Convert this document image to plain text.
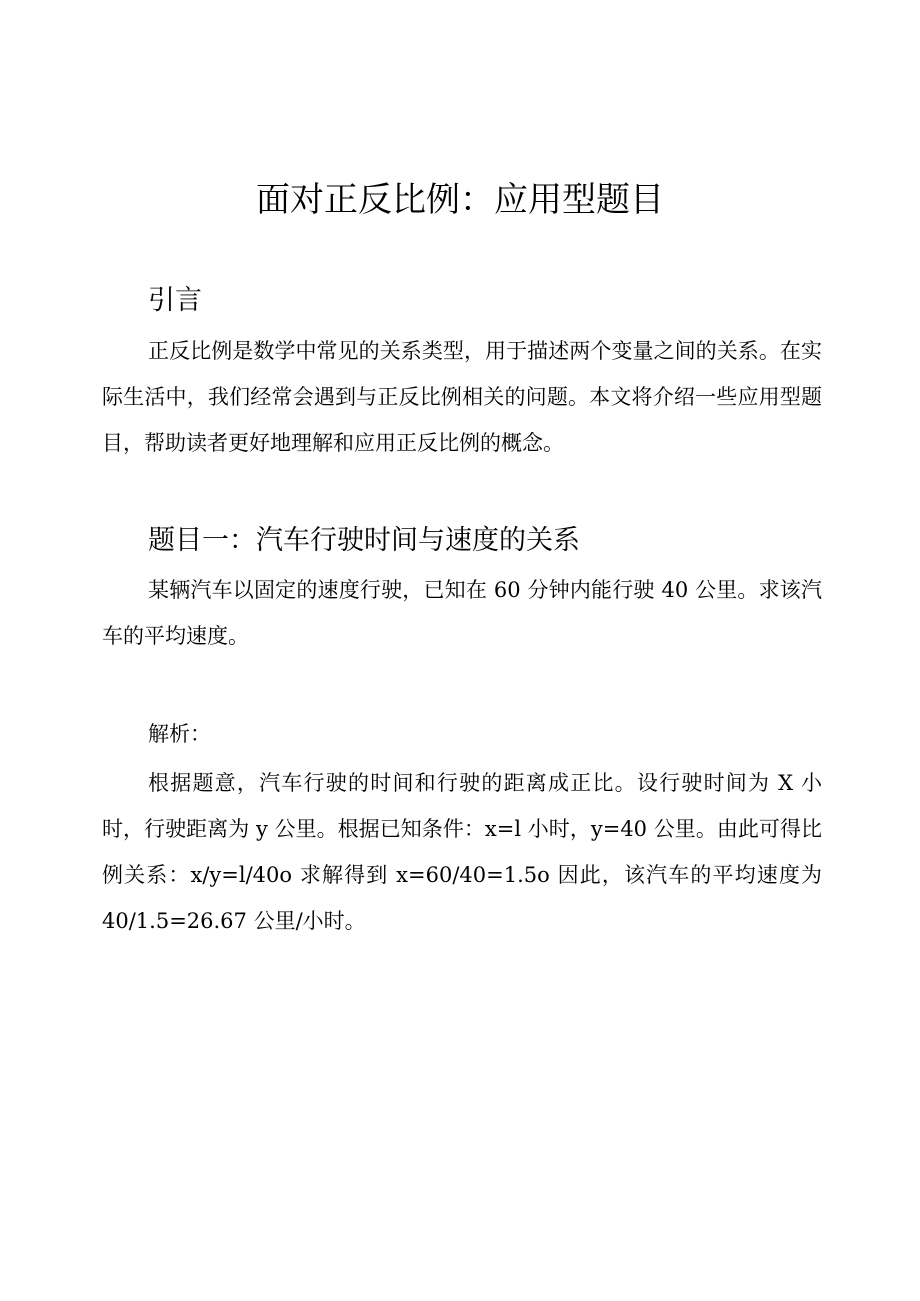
面对正反比例：应用型题目
引言
正反比例是数学中常见的关系类型，用于描述两个变量之间的关系。在实际生活中，我们经常会遇到与正反比例相关的问题。本文将介绍一些应用型题目，帮助读者更好地理解和应用正反比例的概念。
题目一：汽车行驶时间与速度的关系
某辆汽车以固定的速度行驶，已知在 60 分钟内能行驶 40 公里。求该汽车的平均速度。
解析：
根据题意，汽车行驶的时间和行驶的距离成正比。设行驶时间为 X 小时，行驶距离为 y 公里。根据已知条件：x=l 小时，y=40 公里。由此可得比例关系：x/y=l/40o 求解得到 x=60/40=1.5o 因此，该汽车的平均速度为 40/1.5=26.67 公里/小时。
